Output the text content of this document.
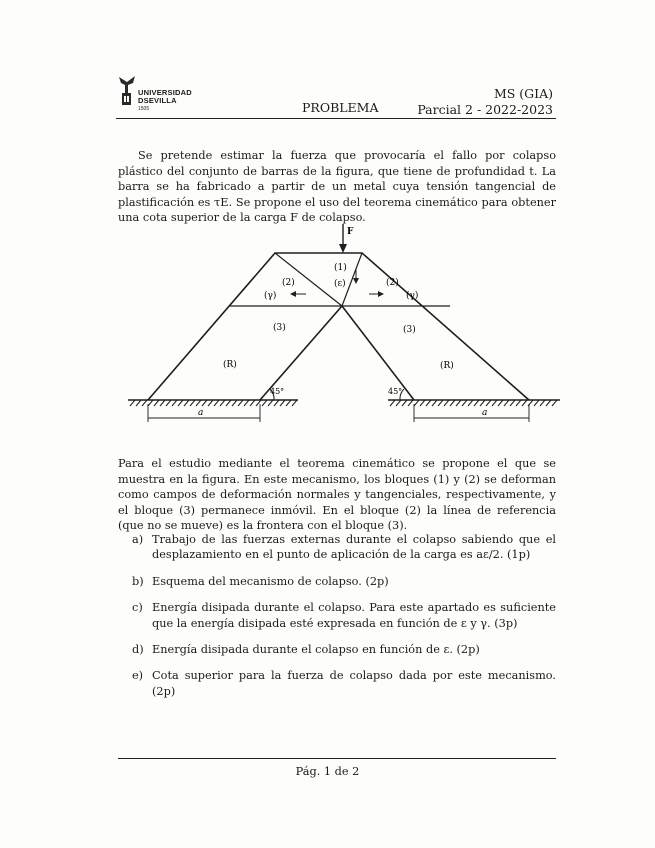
UNIVERSIDAD
DSEVILLA
1505	PROBLEMA
MS (GIA)
Parcial 2 - 2022-2023

Se pretende estimar la fuerza que provocaría el fallo por colapso plástico del conjunto de barras de la figura, que tiene de profundidad t. La barra se ha fabricado a partir de un metal cuya tensión tangencial de plastificación es τE. Se propone el uso del teorema cinemático para obtener una cota superior de la carga F de colapso.

F
(1)
(ε)
(2)
(γ)
(2)
(γ)
(3)	(3)
(R)	(R)
45°	45°
a	a

Para el estudio mediante el teorema cinemático se propone el que se muestra en la figura. En este mecanismo, los bloques (1) y (2) se deforman como campos de deformación normales y tangenciales, respectivamente, y el bloque (3) permanece inmóvil. En el bloque (2) la línea de referencia (que no se mueve) es la frontera con el bloque (3).

a) Trabajo de las fuerzas externas durante el colapso sabiendo que el desplazamiento en el punto de aplicación de la carga es aε/2. (1p)
b) Esquema del mecanismo de colapso. (2p)
c) Energía disipada durante el colapso. Para este apartado es suficiente que la energía disipada esté expresada en función de ε y γ. (3p)
d) Energía disipada durante el colapso en función de ε. (2p)
e) Cota superior para la fuerza de colapso dada por este mecanismo. (2p)
Pág. 1 de 2
